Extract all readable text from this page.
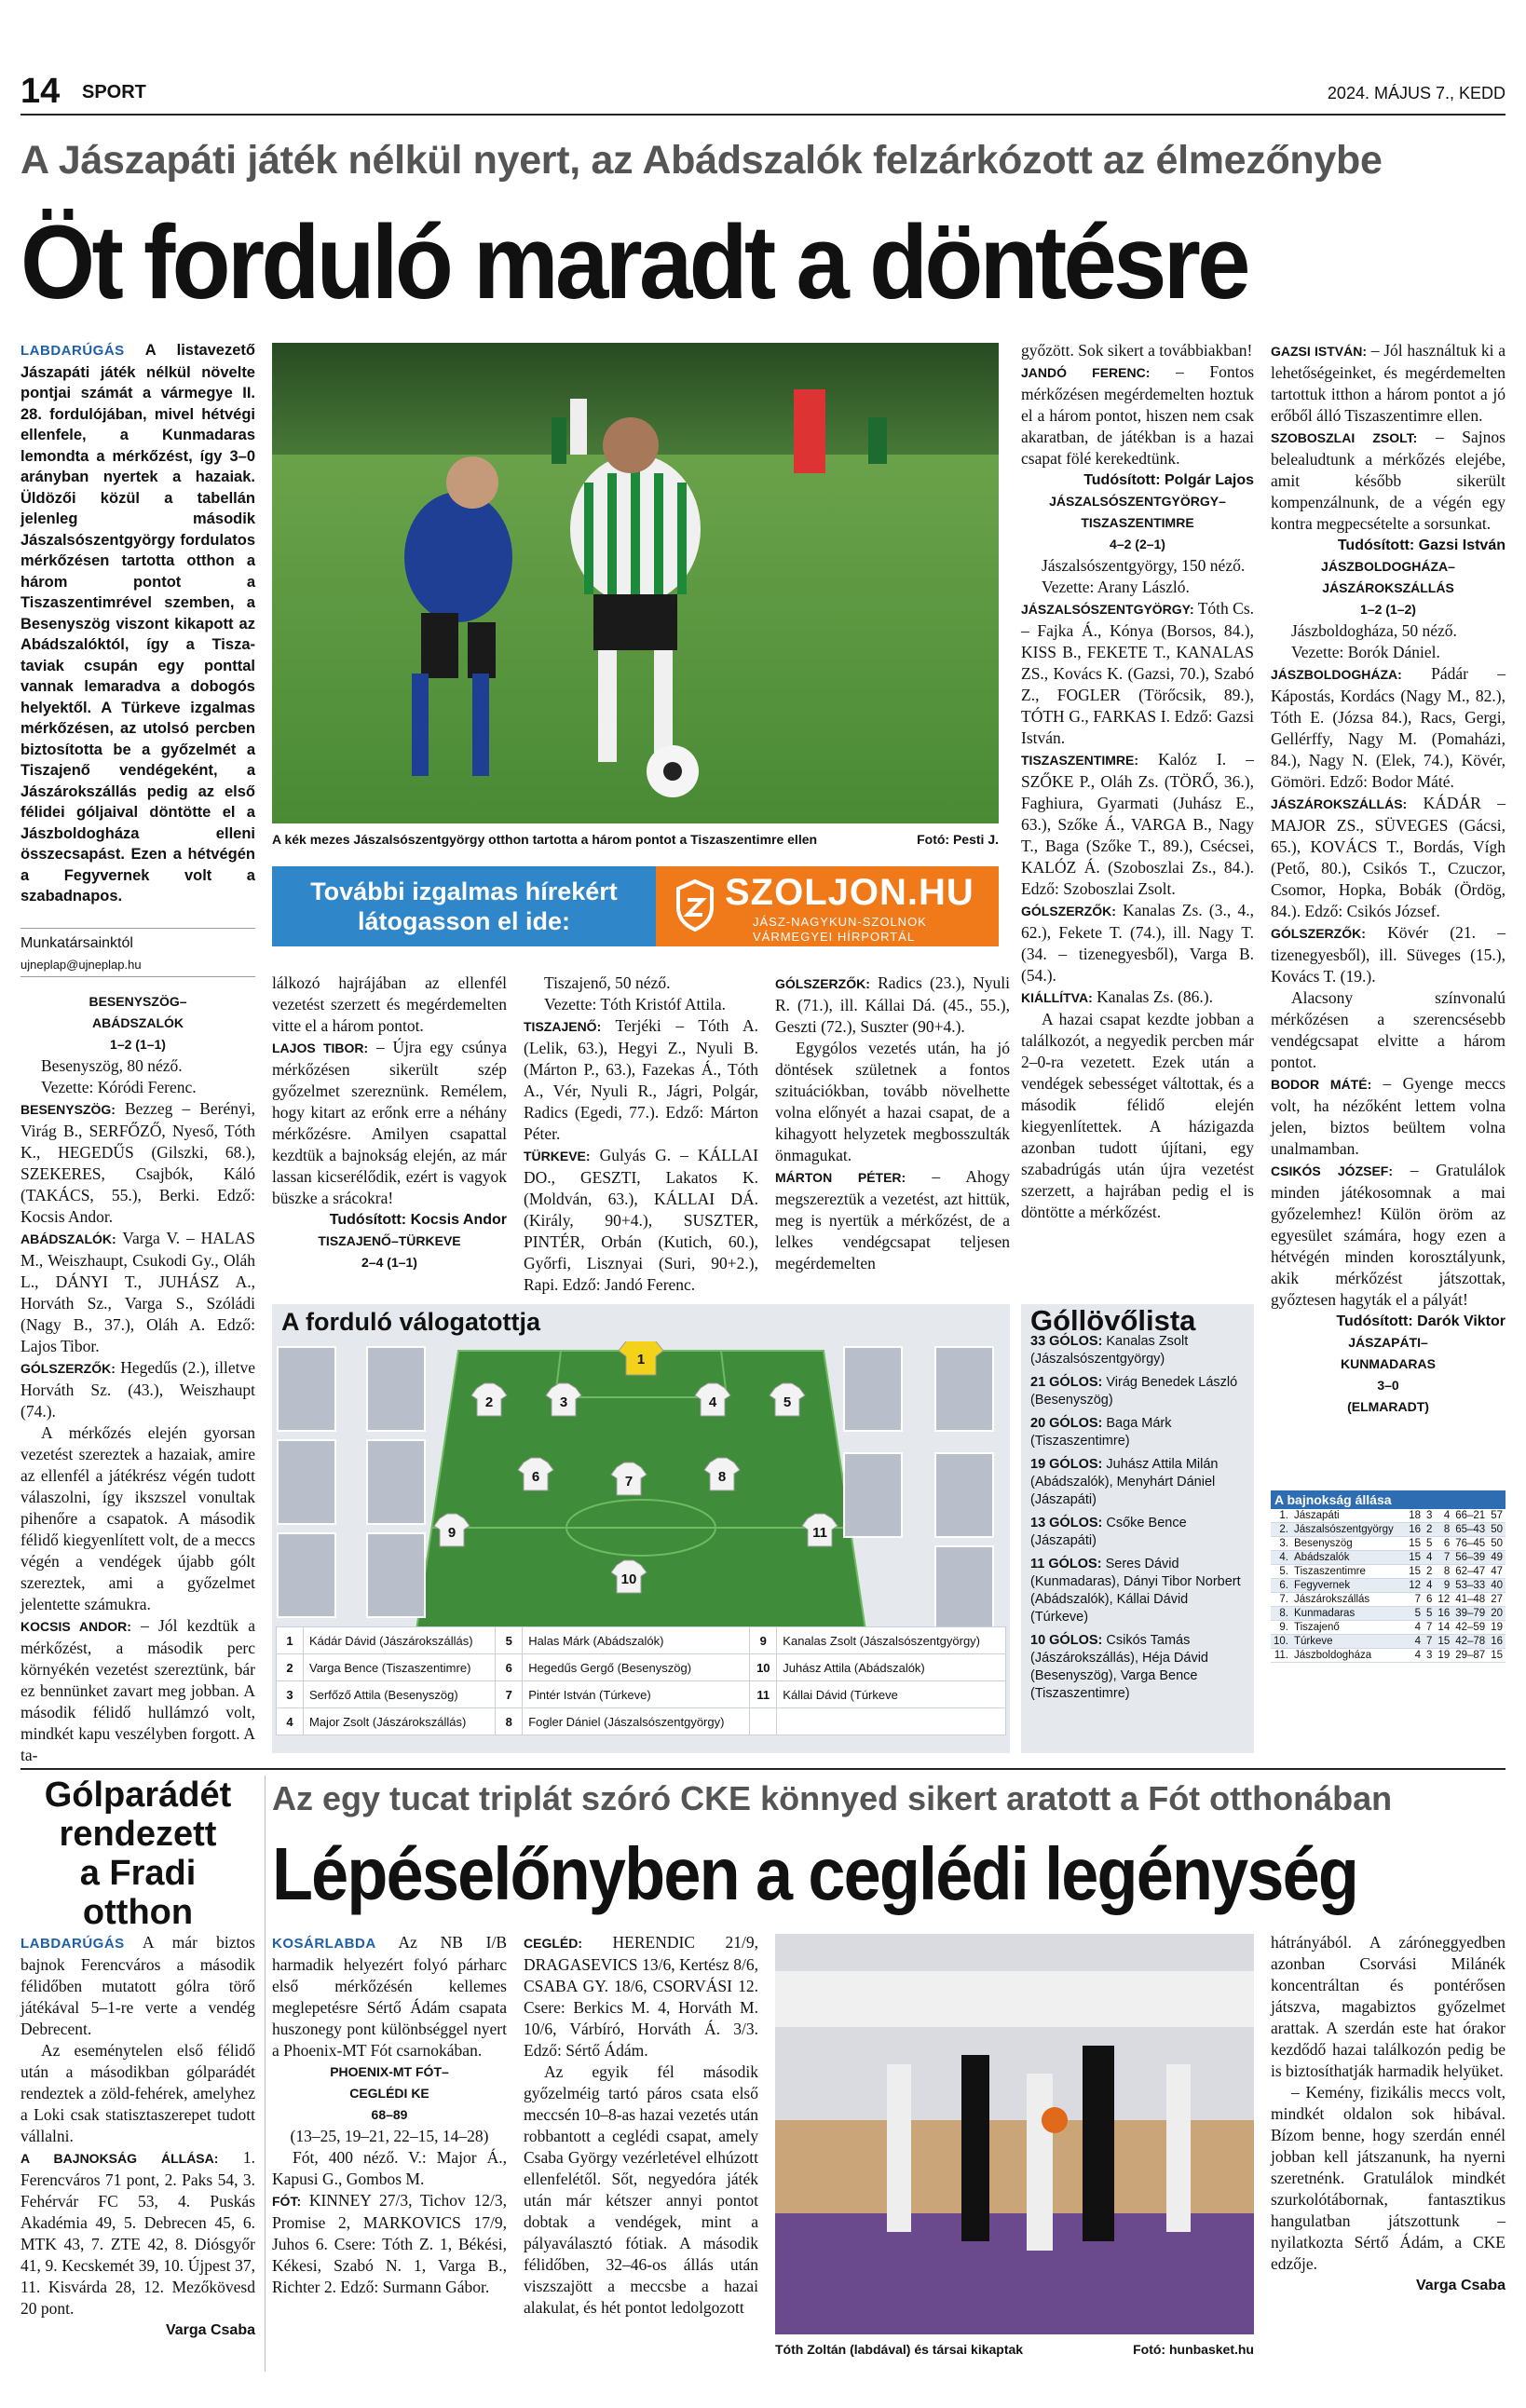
14 SPORT	2024. MÁJUS 7., KEDD
A Jászapáti játék nélkül nyert, az Abádszalók felzárkózott az élmezőnybe
Öt forduló maradt a döntésre
LABDARÚGÁS A listavezető Jászapáti játék nélkül növelte pontjai számát a vármegye II. 28. fordulójában, mivel hétvégi ellenfele, a Kunmadaras lemondta a mérkőzést, így 3–0 arányban nyertek a hazaiak. Üldözői közül a tabellán jelenleg második Jászalsószentgyörgy fordulatos mérkőzésen tartotta otthon a három pontot a Tiszaszentimrével szemben, a Besenyszög viszont kikapott az Abádszalóktól, így a Tisza-taviak csupán egy ponttal vannak lemaradva a dobogós helyektől. A Türkeve izgalmas mérkőzésen, az utolsó percben biztosította be a győzelmét a Tiszajenő vendégeként, a Jászárokszállás pedig az első félidei góljaival döntötte el a Jászboldogháza elleni összecsapást. Ezen a hétvégén a Fegyvernek volt a szabadnapos.
Munkatársainktól
ujneplap@ujneplap.hu
A kék mezes Jászalsószentgyörgy otthon tartotta a három pontot a Tiszaszentimre ellen	Fotó: Pesti J.
További izgalmas hírekért
látogasson el ide:
SZOLJON.HU
JÁSZ-NAGYKUN-SZOLNOK
VÁRMEGYEI HÍRPORTÁL
BESENYSZÖG–
ABÁDSZALÓK
1–2 (1–1)

Besenyszög, 80 néző.

Vezette: Kóródi Ferenc.

BESENYSZÖG: Bezzeg – Berényi, Virág B., SERFŐZŐ, Nyeső, Tóth K., HEGEDŰS (Gilszki, 68.), SZEKERES, Csajbók, Káló (TAKÁCS, 55.), Berki. Edző: Kocsis Andor.

ABÁDSZALÓK: Varga V. – HALAS M., Weiszhaupt, Csukodi Gy., Oláh L., DÁNYI T., JUHÁSZ A., Horváth Sz., Varga S., Szóládi (Nagy B., 37.), Oláh A. Edző: Lajos Tibor.

GÓLSZERZŐK: Hegedűs (2.), illetve Horváth Sz. (43.), Weiszhaupt (74.).

A mérkőzés elején gyorsan vezetést szereztek a hazaiak, amire az ellenfél a játékrész végén tudott válaszolni, így ikszszel vonultak pihenőre a csapatok. A második félidő kiegyenlített volt, de a meccs végén a vendégek újabb gólt szereztek, ami a győzelmet jelentette számukra.

KOCSIS ANDOR: – Jól kezdtük a mérkőzést, a második perc környékén vezetést szereztünk, bár ez bennünket zavart meg jobban. A második félidő hullámzó volt, mindkét kapu veszélyben forgott. A ta-

lálkozó hajrájában az ellenfél vezetést szerzett és megérdemelten vitte el a három pontot.

LAJOS TIBOR: – Újra egy csúnya mérkőzésen sikerült szép győzelmet szereznünk. Remélem, hogy kitart az erőnk erre a néhány mérkőzésre. Amilyen csapattal kezdtük a bajnokság elején, az már lassan kicserélődik, ezért is vagyok büszke a srácokra!

Tudósított: Kocsis Andor
TISZAJENŐ–TÜRKEVE
2–4 (1–1)

Tiszajenő, 50 néző.

Vezette: Tóth Kristóf Attila.

TISZAJENŐ: Terjéki – Tóth A. (Lelik, 63.), Hegyi Z., Nyuli B. (Márton P., 63.), Fazekas Á., Tóth A., Vér, Nyuli R., Jágri, Polgár, Radics (Egedi, 77.). Edző: Márton Péter.

TÜRKEVE: Gulyás G. – KÁLLAI DO., GESZTI, Lakatos K. (Moldván, 63.), KÁLLAI DÁ. (Király, 90+4.), SUSZTER, PINTÉR, Orbán (Kutich, 60.), Győrfi, Lisznyai (Suri, 90+2.), Rapi. Edző: Jandó Ferenc.

GÓLSZERZŐK: Radics (23.), Nyuli R. (71.), ill. Kállai Dá. (45., 55.), Geszti (72.), Suszter (90+4.).

Egygólos vezetés után, ha jó döntések születnek a fontos szituációkban, tovább növelhette volna előnyét a hazai csapat, de a kihagyott helyzetek megbosszulták önmagukat.

MÁRTON PÉTER: – Ahogy megszereztük a vezetést, azt hittük, meg is nyertük a mérkőzést, de a lelkes vendégcsapat teljesen megérdemelten

győzött. Sok sikert a továbbiakban!

JANDÓ FERENC: – Fontos mérkőzésen megérdemelten hoztuk el a három pontot, hiszen nem csak akaratban, de játékban is a hazai csapat fölé kerekedtünk.

Tudósított: Polgár Lajos
JÁSZALSÓSZENTGYÖRGY–
TISZASZENTIMRE
4–2 (2–1)

Jászalsószentgyörgy, 150 néző.

Vezette: Arany László.

JÁSZALSÓSZENTGYÖRGY: Tóth Cs. – Fajka Á., Kónya (Borsos, 84.), KISS B., FEKETE T., KANALAS ZS., Kovács K. (Gazsi, 70.), Szabó Z., FOGLER (Törőcsik, 89.), TÓTH G., FARKAS I. Edző: Gazsi István.

TISZASZENTIMRE: Kalóz I. – SZŐKE P., Oláh Zs. (TÖRŐ, 36.), Faghiura, Gyarmati (Juhász E., 63.), Szőke Á., VARGA B., Nagy T., Baga (Szőke T., 89.), Csécsei, KALÓZ Á. (Szoboszlai Zs., 84.). Edző: Szoboszlai Zsolt.

GÓLSZERZŐK: Kanalas Zs. (3., 4., 62.), Fekete T. (74.), ill. Nagy T. (34. – tizenegyesből), Varga B. (54.).

KIÁLLÍTVA: Kanalas Zs. (86.).

A hazai csapat kezdte jobban a találkozót, a negyedik percben már 2–0-ra vezetett. Ezek után a vendégek sebességet váltottak, és a második félidő elején kiegyenlítettek. A házigazda azonban tudott újítani, egy szabadrúgás után újra vezetést szerzett, a hajrában pedig el is döntötte a mérkőzést.

GAZSI ISTVÁN: – Jól használtuk ki a lehetőségeinket, és megérdemelten tartottuk itthon a három pontot a jó erőből álló Tiszaszentimre ellen.

SZOBOSZLAI ZSOLT: – Sajnos belealudtunk a mérkőzés elejébe, amit később sikerült kompenzálnunk, de a végén egy kontra megpecsételte a sorsunkat.

Tudósított: Gazsi István
JÁSZBOLDOGHÁZA–
JÁSZÁROKSZÁLLÁS
1–2 (1–2)

Jászboldogháza, 50 néző.

Vezette: Borók Dániel.

JÁSZBOLDOGHÁZA: Pádár – Kápostás, Kordács (Nagy M., 82.), Tóth E. (Józsa 84.), Racs, Gergi, Gellérffy, Nagy M. (Pomaházi, 84.), Nagy N. (Elek, 74.), Kövér, Gömöri. Edző: Bodor Máté.

JÁSZÁROKSZÁLLÁS: KÁDÁR – MAJOR ZS., SÜVEGES (Gácsi, 65.), KOVÁCS T., Bordás, Vígh (Pető, 80.), Csikós T., Czuczor, Csomor, Hopka, Bobák (Ördög, 84.). Edző: Csikós József.

GÓLSZERZŐK: Kövér (21. – tizenegyesből), ill. Süveges (15.), Kovács T. (19.).

Alacsony színvonalú mérkőzésen a szerencsésebb vendégcsapat elvitte a három pontot.

BODOR MÁTÉ: – Gyenge meccs volt, ha nézőként lettem volna jelen, biztos beültem volna unalmamban.

CSIKÓS JÓZSEF: – Gratulálok minden játékosomnak a mai győzelemhez! Külön öröm az egyesület számára, hogy ezen a hétvégén minden korosztályunk, akik mérkőzést játszottak, győztesen hagyták el a pályát!

Tudósított: Darók Viktor
JÁSZAPÁTI–
KUNMADARAS
3–0
(ELMARADT)
A forduló válogatottja
1
2	3	4	5
6	7	8
9
10
11
1	Kádár Dávid (Jászárokszállás)	5	Halas Márk (Abádszalók)	9	Kanalas Zsolt (Jászalsószentgyörgy)
2	Varga Bence (Tiszaszentimre)	6	Hegedűs Gergő (Besenyszög)	10	Juhász Attila (Abádszalók)
3	Serfőző Attila (Besenyszög)	7	Pintér István (Túrkeve)	11	Kállai Dávid (Túrkeve
4	Major Zsolt (Jászárokszállás)	8	Fogler Dániel (Jászalsószentgyörgy)		
Góllövőlista
33 GÓLOS: Kanalas Zsolt (Jászalsószentgyörgy)
21 GÓLOS: Virág Benedek László (Besenyszög)
20 GÓLOS: Baga Márk (Tiszaszentimre)
19 GÓLOS: Juhász Attila Milán (Abádszalók), Menyhárt Dániel (Jászapáti)
13 GÓLOS: Csőke Bence (Jászapáti)
11 GÓLOS: Seres Dávid (Kunmadaras), Dányi Tibor Norbert (Abádszalók), Kállai Dávid (Túrkeve)
10 GÓLOS: Csikós Tamás (Jászárokszállás), Héja Dávid (Besenyszög), Varga Bence (Tiszaszentimre)
A bajnokság állása
1.	Jászapáti	18	3	4	66–21	57
2.	Jászalsószentgyörgy	16	2	8	65–43	50
3.	Besenyszög	15	5	6	76–45	50
4.	Abádszalók	15	4	7	56–39	49
5.	Tiszaszentimre	15	2	8	62–47	47
6.	Fegyvernek	12	4	9	53–33	40
7.	Jászárokszállás	7	6	12	41–48	27
8.	Kunmadaras	5	5	16	39–79	20
9.	Tiszajenő	4	7	14	42–59	19
10.	Túrkeve	4	7	15	42–78	16
11.	Jászboldogháza	4	3	19	29–87	15
Gólparádét
rendezett
a Fradi otthon

LABDARÚGÁS A már biztos bajnok Ferencváros a második félidőben mutatott gólra törő játékával 5–1-re verte a vendég Debrecent.

Az eseménytelen első félidő után a másodikban gólparádét rendeztek a zöld-fehérek, amelyhez a Loki csak statisztaszerepet tudott vállalni.

A BAJNOKSÁG ÁLLÁSA: 1. Ferencváros 71 pont, 2. Paks 54, 3. Fehérvár FC 53, 4. Puskás Akadémia 49, 5. Debrecen 45, 6. MTK 43, 7. ZTE 42, 8. Diósgyőr 41, 9. Kecskemét 39, 10. Újpest 37, 11. Kisvárda 28, 12. Mezőkövesd 20 pont.

Varga Csaba
Az egy tucat triplát szóró CKE könnyed sikert aratott a Fót otthonában
Lépéselőnyben a ceglédi legénység

KOSÁRLABDA Az NB I/B harmadik helyezért folyó párharc első mérkőzésén kellemes meglepetésre Sértő Ádám csapata huszonegy pont különbséggel nyert a Phoenix-MT Fót csarnokában.

PHOENIX-MT FÓT–
CEGLÉDI KE
68–89
(13–25, 19–21, 22–15, 14–28)

Fót, 400 néző. V.: Major Á., Kapusi G., Gombos M.

FÓT: KINNEY 27/3, Tichov 12/3, Promise 2, MARKOVICS 17/9, Juhos 6. Csere: Tóth Z. 1, Békési, Kékesi, Szabó N. 1, Varga B., Richter 2. Edző: Surmann Gábor.

CEGLÉD: HERENDIC 21/9, DRAGASEVICS 13/6, Kertész 8/6, CSABA GY. 18/6, CSORVÁSI 12. Csere: Berkics M. 4, Horváth M. 10/6, Várbíró, Horváth Á. 3/3. Edző: Sértő Ádám.

Az egyik fél második győzelméig tartó páros csata első meccsén 10–8-as hazai vezetés után robbantott a ceglédi csapat, amely Csaba György vezérletével elhúzott ellenfelétől. Sőt, negyedóra játék után már kétszer annyi pontot dobtak a vendégek, mint a pályaválasztó fótiak. A második félidőben, 32–46-os állás után viszszajött a meccsbe a hazai alakulat, és hét pontot ledolgozott

Tóth Zoltán (labdával) és társai kikaptak	Fotó: hunbasket.hu

hátrányából. A záróneggyedben azonban Csorvási Milánék koncentráltan és pontérősen játszva, magabiztos győzelmet arattak. A szerdán este hat órakor kezdődő hazai találkozón pedig be is biztosíthatják harmadik helyüket.

– Kemény, fizikális meccs volt, mindkét oldalon sok hibával. Bízom benne, hogy szerdán ennél jobban kell játszanunk, ha nyerni szeretnénk. Gratulálok mindkét szurkolótábornak, fantasztikus hangulatban játszottunk – nyilatkozta Sértő Ádám, a CKE edzője.

Varga Csaba
